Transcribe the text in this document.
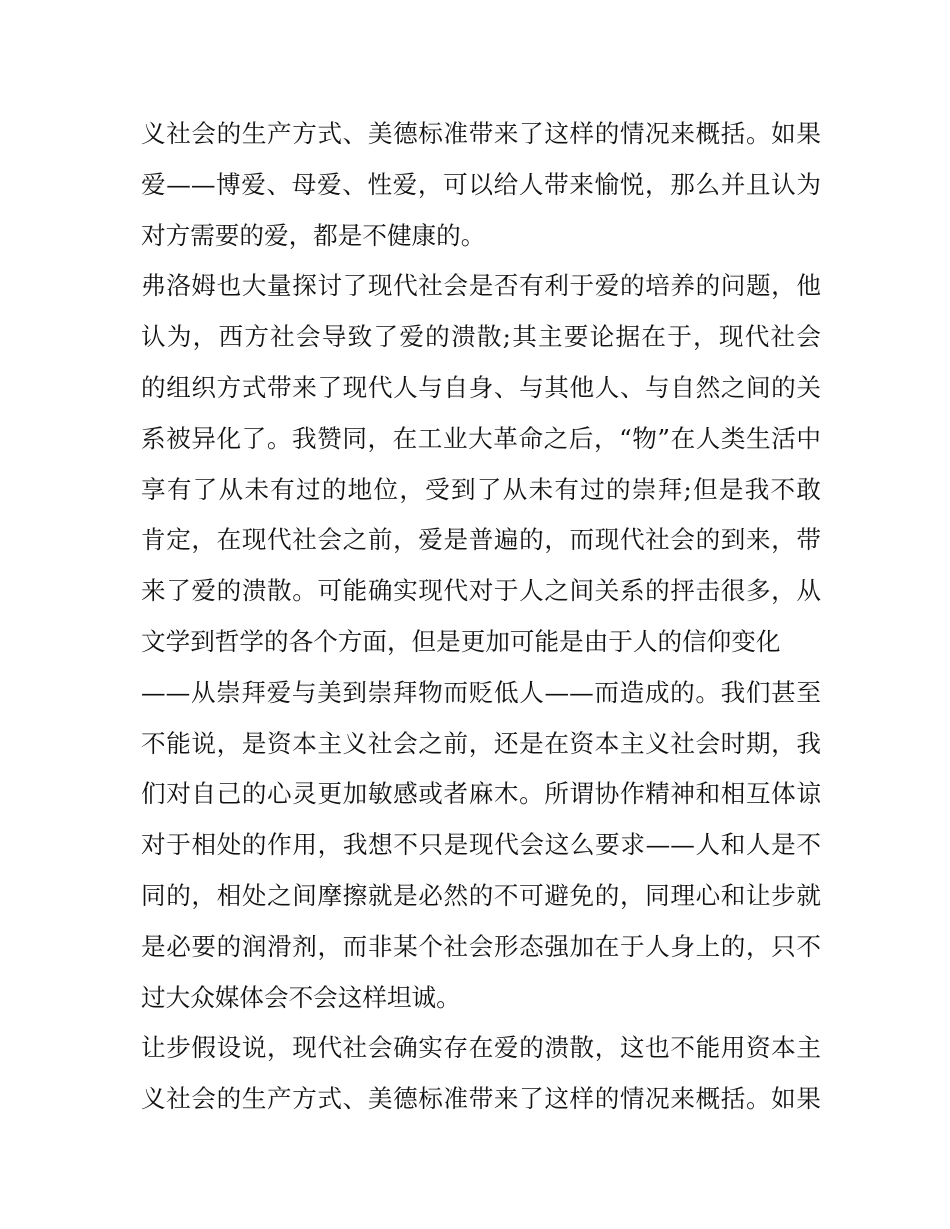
义社会的生产方式、美德标准带来了这样的情况来概括。如果
爱——博爱、母爱、性爱，可以给人带来愉悦，那么并且认为
对方需要的爱，都是不健康的。
弗洛姆也大量探讨了现代社会是否有利于爱的培养的问题，他
认为，西方社会导致了爱的溃散;其主要论据在于，现代社会
的组织方式带来了现代人与自身、与其他人、与自然之间的关
系被异化了。我赞同，在工业大革命之后，“物”在人类生活中
享有了从未有过的地位，受到了从未有过的崇拜;但是我不敢
肯定，在现代社会之前，爱是普遍的，而现代社会的到来，带
来了爱的溃散。可能确实现代对于人之间关系的抨击很多，从
文学到哲学的各个方面，但是更加可能是由于人的信仰变化
——从崇拜爱与美到崇拜物而贬低人——而造成的。我们甚至
不能说，是资本主义社会之前，还是在资本主义社会时期，我
们对自己的心灵更加敏感或者麻木。所谓协作精神和相互体谅
对于相处的作用，我想不只是现代会这么要求——人和人是不
同的，相处之间摩擦就是必然的不可避免的，同理心和让步就
是必要的润滑剂，而非某个社会形态强加在于人身上的，只不
过大众媒体会不会这样坦诚。
让步假设说，现代社会确实存在爱的溃散，这也不能用资本主
义社会的生产方式、美德标准带来了这样的情况来概括。如果
